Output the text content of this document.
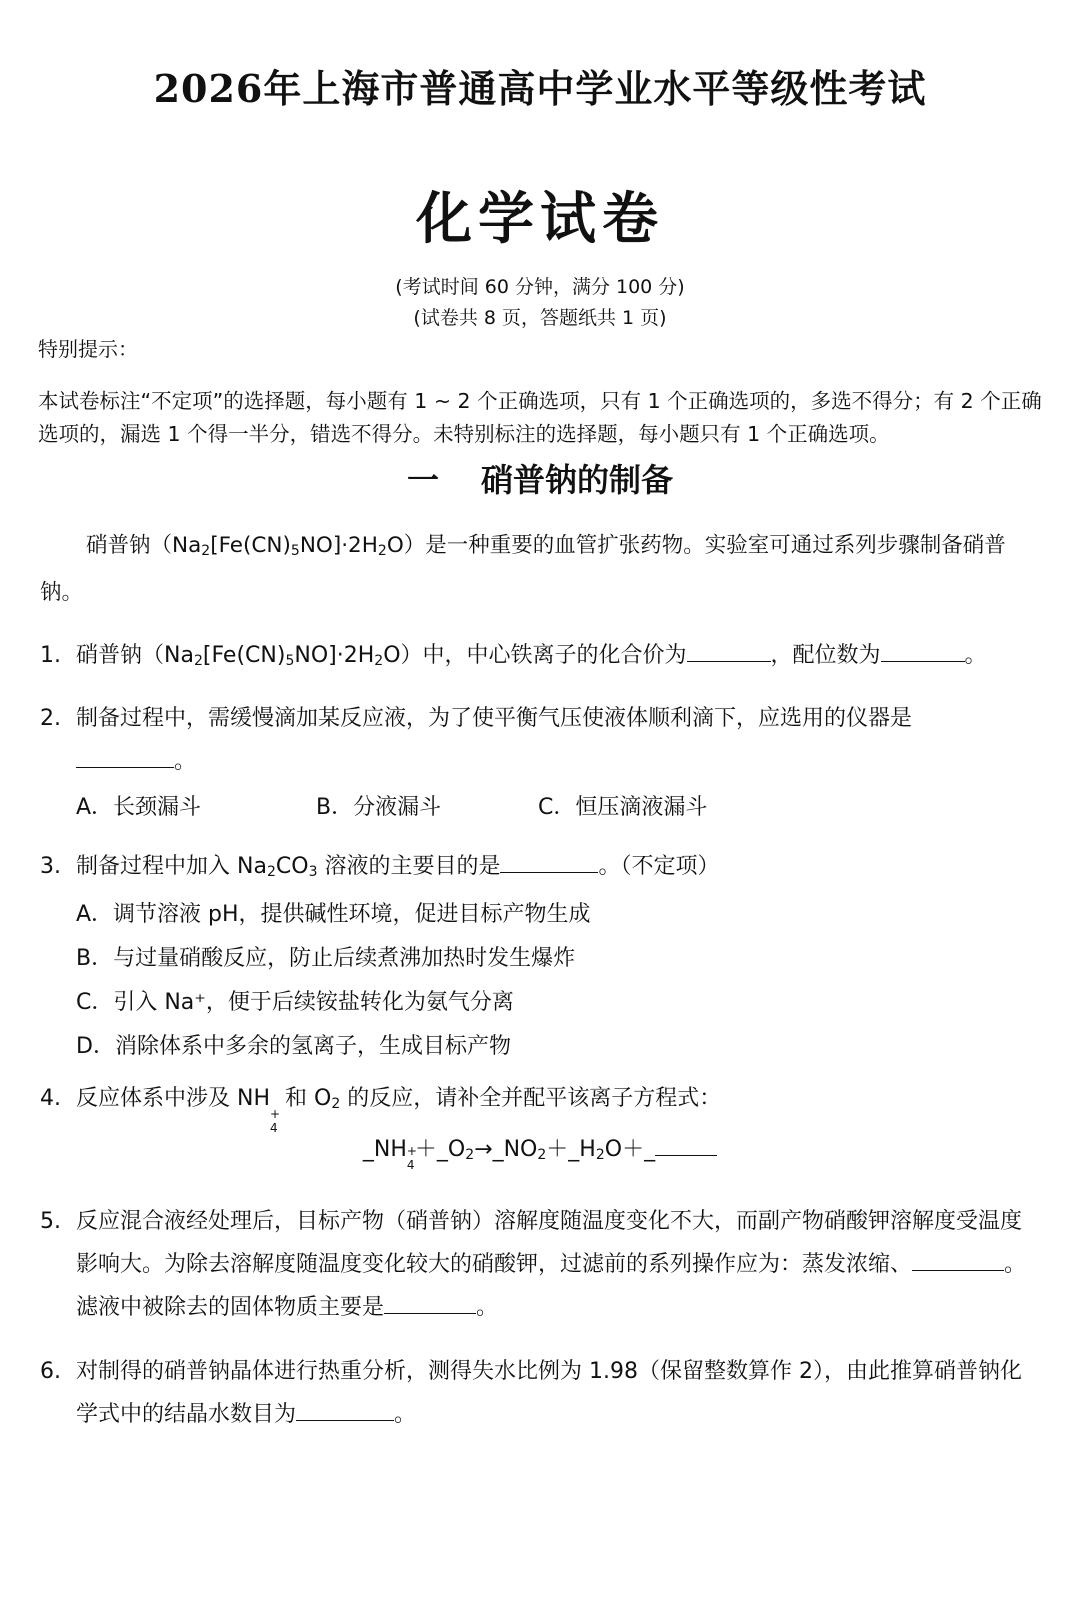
2026年上海市普通高中学业水平等级性考试
化学试卷
(考试时间 60 分钟，满分 100 分)
(试卷共 8 页，答题纸共 1 页)
特别提示：

本试卷标注“不定项”的选择题，每小题有 1 ~ 2 个正确选项，只有 1 个正确选项的，多选不得分；有 2 个正确选项的，漏选 1 个得一半分，错选不得分。未特别标注的选择题，每小题只有 1 个正确选项。
一 硝普钠的制备
硝普钠$(Na_2[Fe(CN)_5NO]\cdot 2H_2O)$是一种重要的血管扩张药物。实验室可通过系列步骤制备硝普钠。
1. 硝普钠$(Na_2[Fe(CN)_5NO]\cdot 2H_2O)$中，中心铁离子的化合价为	，配位数为	。
2. 制备过程中，需缓慢滴加某反应液，为了使平衡气压使液体顺利滴下，应选用的仪器是
。
A．长颈漏斗	B．分液漏斗	C．恒压滴液漏斗
3. 制备过程中加入 $Na_2CO_3$ 溶液的主要目的是	。（不定项）
A．调节溶液 pH，提供碱性环境，促进目标产物生成
B．与过量硝酸反应，防止后续煮沸加热时发生爆炸
C．引入 Na⁺，便于后续铵盐转化为氨气分离
D．消除体系中多余的氢离子，生成目标产物
4. 反应体系中涉及 NH
+
4
和 $O_2$ 的反应，请补全并配平该离子方程式：
_NH +
4
$+\_O_2\to\_NO_2+\_H_2O+\_$
5. 反应混合液经处理后，目标产物（硝普钠）溶解度随温度变化不大，而副产物硝酸钾溶解度受温度影响大。为除去溶解度随温度变化较大的硝酸钾，过滤前的系列操作应为：蒸发浓缩、	。滤液中被除去的固体物质主要是	。
6. 对制得的硝普钠晶体进行热重分析，测得失水比例为 1.98（保留整数算作 2），由此推算硝普钠化学式中的结晶水数目为	。
